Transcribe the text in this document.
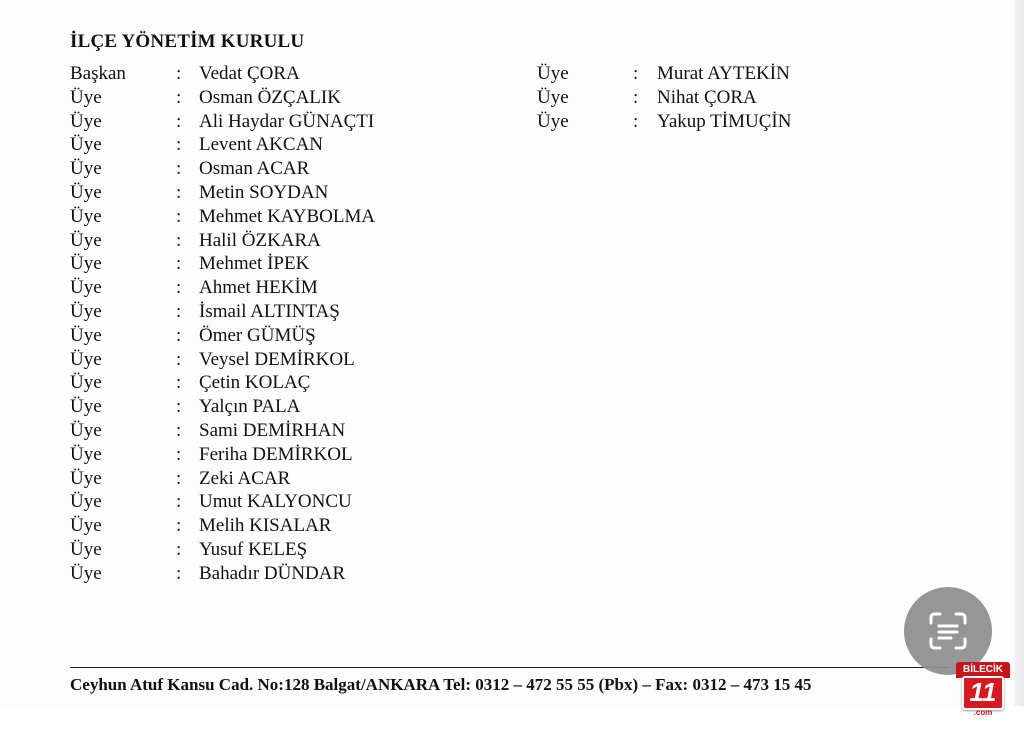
İLÇE YÖNETİM KURULU
Başkan	: Vedat ÇORA
Üye	: Osman ÖZÇALIK
Üye	: Ali Haydar GÜNAÇTI
Üye	: Levent AKCAN
Üye	: Osman ACAR
Üye	: Metin SOYDAN
Üye	: Mehmet KAYBOLMA
Üye	: Halil ÖZKARA
Üye	: Mehmet İPEK
Üye	: Ahmet HEKİM
Üye	: İsmail ALTINTAŞ
Üye	: Ömer GÜMÜŞ
Üye	: Veysel DEMİRKOL
Üye	: Çetin KOLAÇ
Üye	: Yalçın PALA
Üye	: Sami DEMİRHAN
Üye	: Feriha DEMİRKOL
Üye	: Zeki ACAR
Üye	: Umut KALYONCU
Üye	: Melih KISALAR
Üye	: Yusuf KELEŞ
Üye	: Bahadır DÜNDAR
Üye	: Murat AYTEKİN
Üye	: Nihat ÇORA
Üye	: Yakup TİMUÇİN

Ceyhun Atuf Kansu Cad. No:128 Balgat/ANKARA Tel: 0312 – 472 55 55 (Pbx) – Fax: 0312 – 473 15 45

BİLECİK
11
.com
